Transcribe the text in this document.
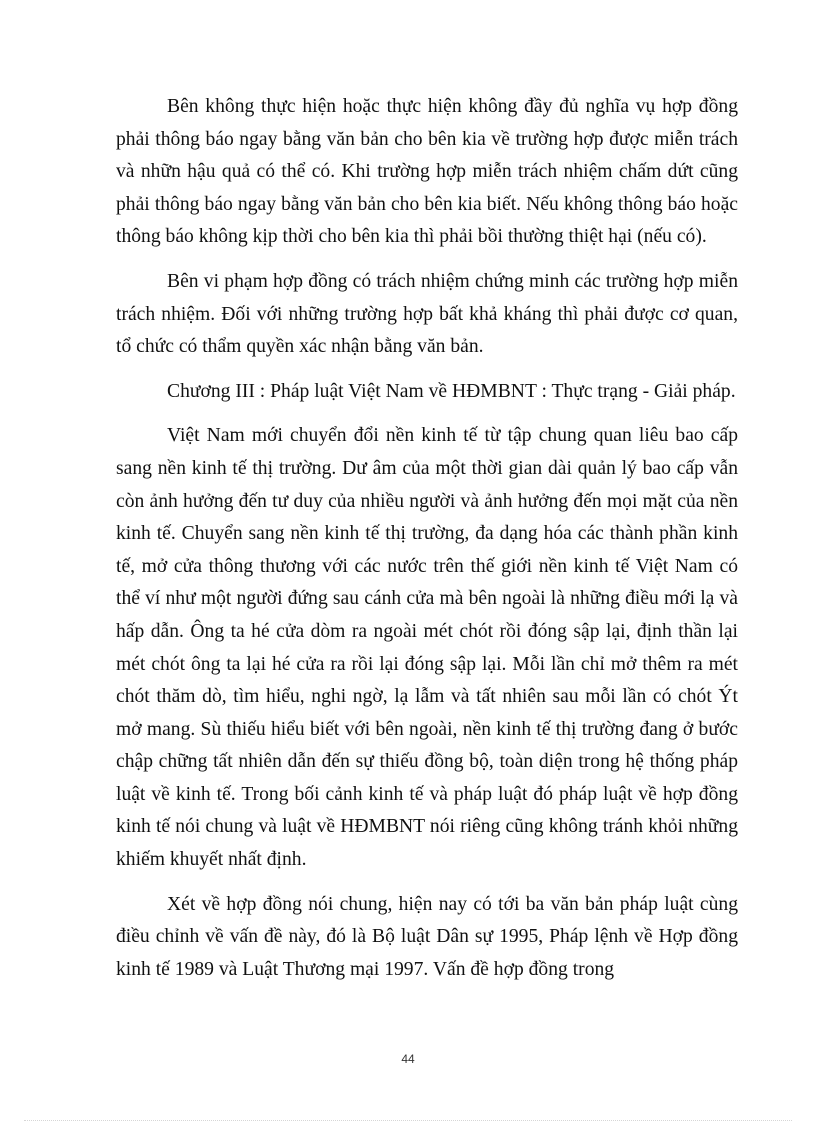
Bên không thực hiện hoặc thực hiện không đầy đủ nghĩa vụ hợp đồng phải thông báo ngay bằng văn bản cho bên kia về trường hợp được miễn trách và nhữn hậu quả có thể có. Khi trường hợp miễn trách nhiệm chấm dứt cũng phải thông báo ngay bằng văn bản cho bên kia biết. Nếu không thông báo hoặc thông báo không kịp thời cho bên kia thì phải bồi thường thiệt hại (nếu có).

Bên vi phạm hợp đồng có trách nhiệm chứng minh các trường hợp miễn trách nhiệm. Đối với những trường hợp bất khả kháng thì phải được cơ quan, tổ chức có thẩm quyền xác nhận bằng văn bản.

Chương III : Pháp luật Việt Nam về HĐMBNT : Thực trạng - Giải pháp.

Việt Nam mới chuyển đổi nền kinh tế từ tập chung quan liêu bao cấp sang nền kinh tế thị trường. Dư âm của một thời gian dài quản lý bao cấp vẫn còn ảnh hưởng đến tư duy của nhiều người và ảnh hưởng đến mọi mặt của nền kinh tế. Chuyển sang nền kinh tế thị trường, đa dạng hóa các thành phần kinh tế, mở cửa thông thương với các nước trên thế giới nền kinh tế Việt Nam có thể ví như một người đứng sau cánh cửa mà bên ngoài là những điều mới lạ và hấp dẫn. Ông ta hé cửa dòm ra ngoài mét chót rồi đóng sập lại, định thần lại mét chót ông ta lại hé cửa ra rồi lại đóng sập lại. Mỗi lần chỉ mở thêm ra mét chót thăm dò, tìm hiểu, nghi ngờ, lạ lẫm và tất nhiên sau mỗi lần có chót Ýt mở mang. Sù thiếu hiểu biết với bên ngoài, nền kinh tế thị trường đang ở bước chập chững tất nhiên dẫn đến sự thiếu đồng bộ, toàn diện trong hệ thống pháp luật về kinh tế. Trong bối cảnh kinh tế và pháp luật đó pháp luật về hợp đồng kinh tế nói chung và luật về HĐMBNT nói riêng cũng không tránh khỏi những khiếm khuyết nhất định.

Xét về hợp đồng nói chung, hiện nay có tới ba văn bản pháp luật cùng điều chỉnh về vấn đề này, đó là Bộ luật Dân sự 1995, Pháp lệnh về Hợp đồng kinh tế 1989 và Luật Thương mại 1997. Vấn đề hợp đồng trong

44
